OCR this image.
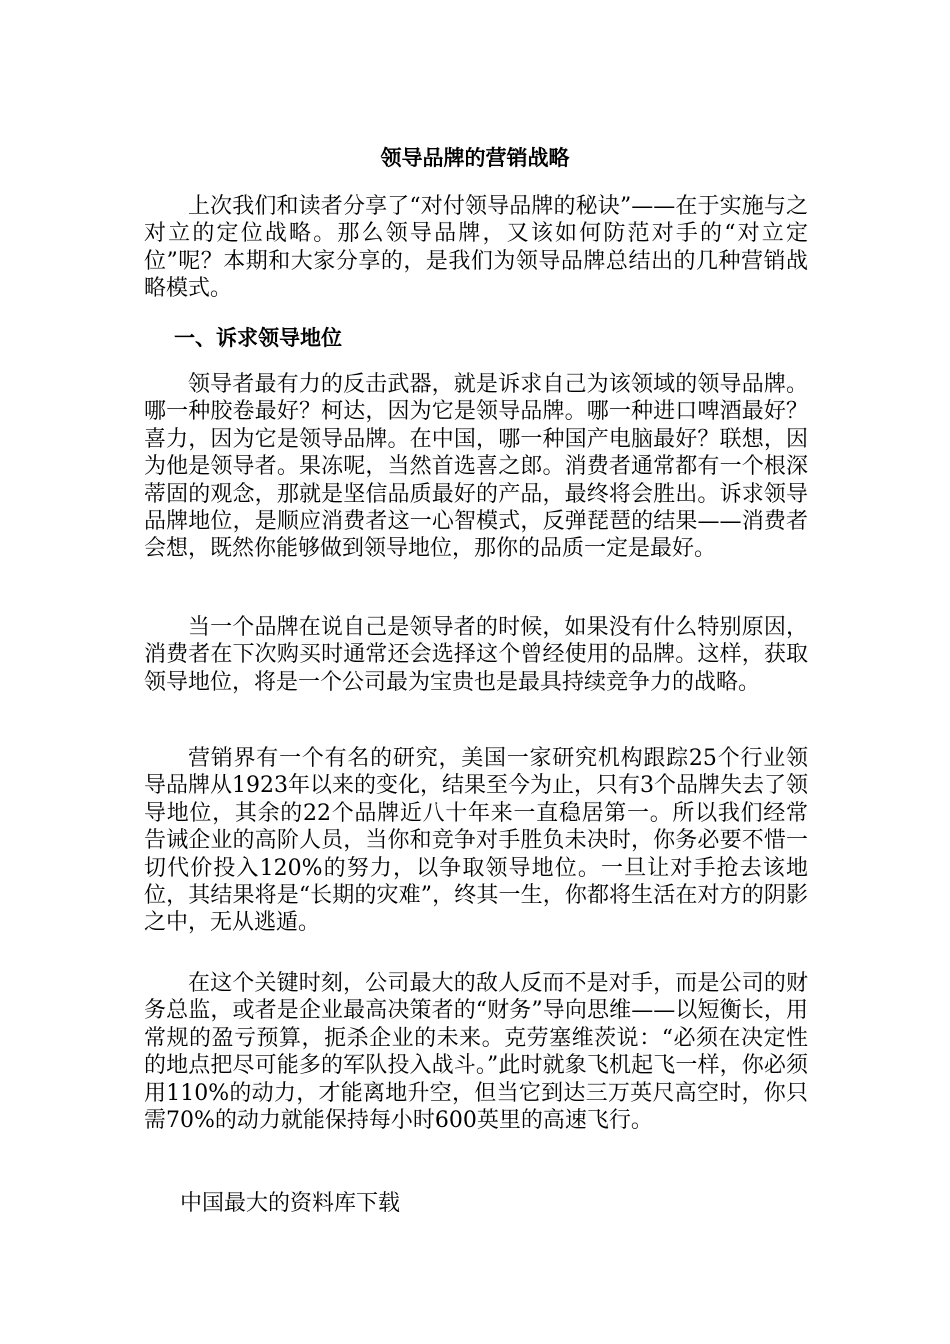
领导品牌的营销战略

上次我们和读者分享了“对付领导品牌的秘诀”——在于实施与之对立的定位战略。那么领导品牌，又该如何防范对手的“对立定位”呢？本期和大家分享的，是我们为领导品牌总结出的几种营销战略模式。

一、诉求领导地位

领导者最有力的反击武器，就是诉求自己为该领域的领导品牌。哪一种胶卷最好？柯达，因为它是领导品牌。哪一种进口啤酒最好？喜力，因为它是领导品牌。在中国，哪一种国产电脑最好？联想，因为他是领导者。果冻呢，当然首选喜之郎。消费者通常都有一个根深蒂固的观念，那就是坚信品质最好的产品，最终将会胜出。诉求领导品牌地位，是顺应消费者这一心智模式，反弹琵琶的结果——消费者会想，既然你能够做到领导地位，那你的品质一定是最好。

当一个品牌在说自己是领导者的时候，如果没有什么特别原因，消费者在下次购买时通常还会选择这个曾经使用的品牌。这样，获取领导地位，将是一个公司最为宝贵也是最具持续竞争力的战略。

营销界有一个有名的研究，美国一家研究机构跟踪25个行业领导品牌从1923年以来的变化，结果至今为止，只有3个品牌失去了领导地位，其余的22个品牌近八十年来一直稳居第一。所以我们经常告诫企业的高阶人员，当你和竞争对手胜负未决时，你务必要不惜一切代价投入120%的努力，以争取领导地位。一旦让对手抢去该地位，其结果将是“长期的灾难”，终其一生，你都将生活在对方的阴影之中，无从逃遁。

在这个关键时刻，公司最大的敌人反而不是对手，而是公司的财务总监，或者是企业最高决策者的“财务”导向思维——以短衡长，用常规的盈亏预算，扼杀企业的未来。克劳塞维茨说：“必须在决定性的地点把尽可能多的军队投入战斗。”此时就象飞机起飞一样，你必须用110%的动力，才能离地升空，但当它到达三万英尺高空时，你只需70%的动力就能保持每小时600英里的高速飞行。

中国最大的资料库下载
